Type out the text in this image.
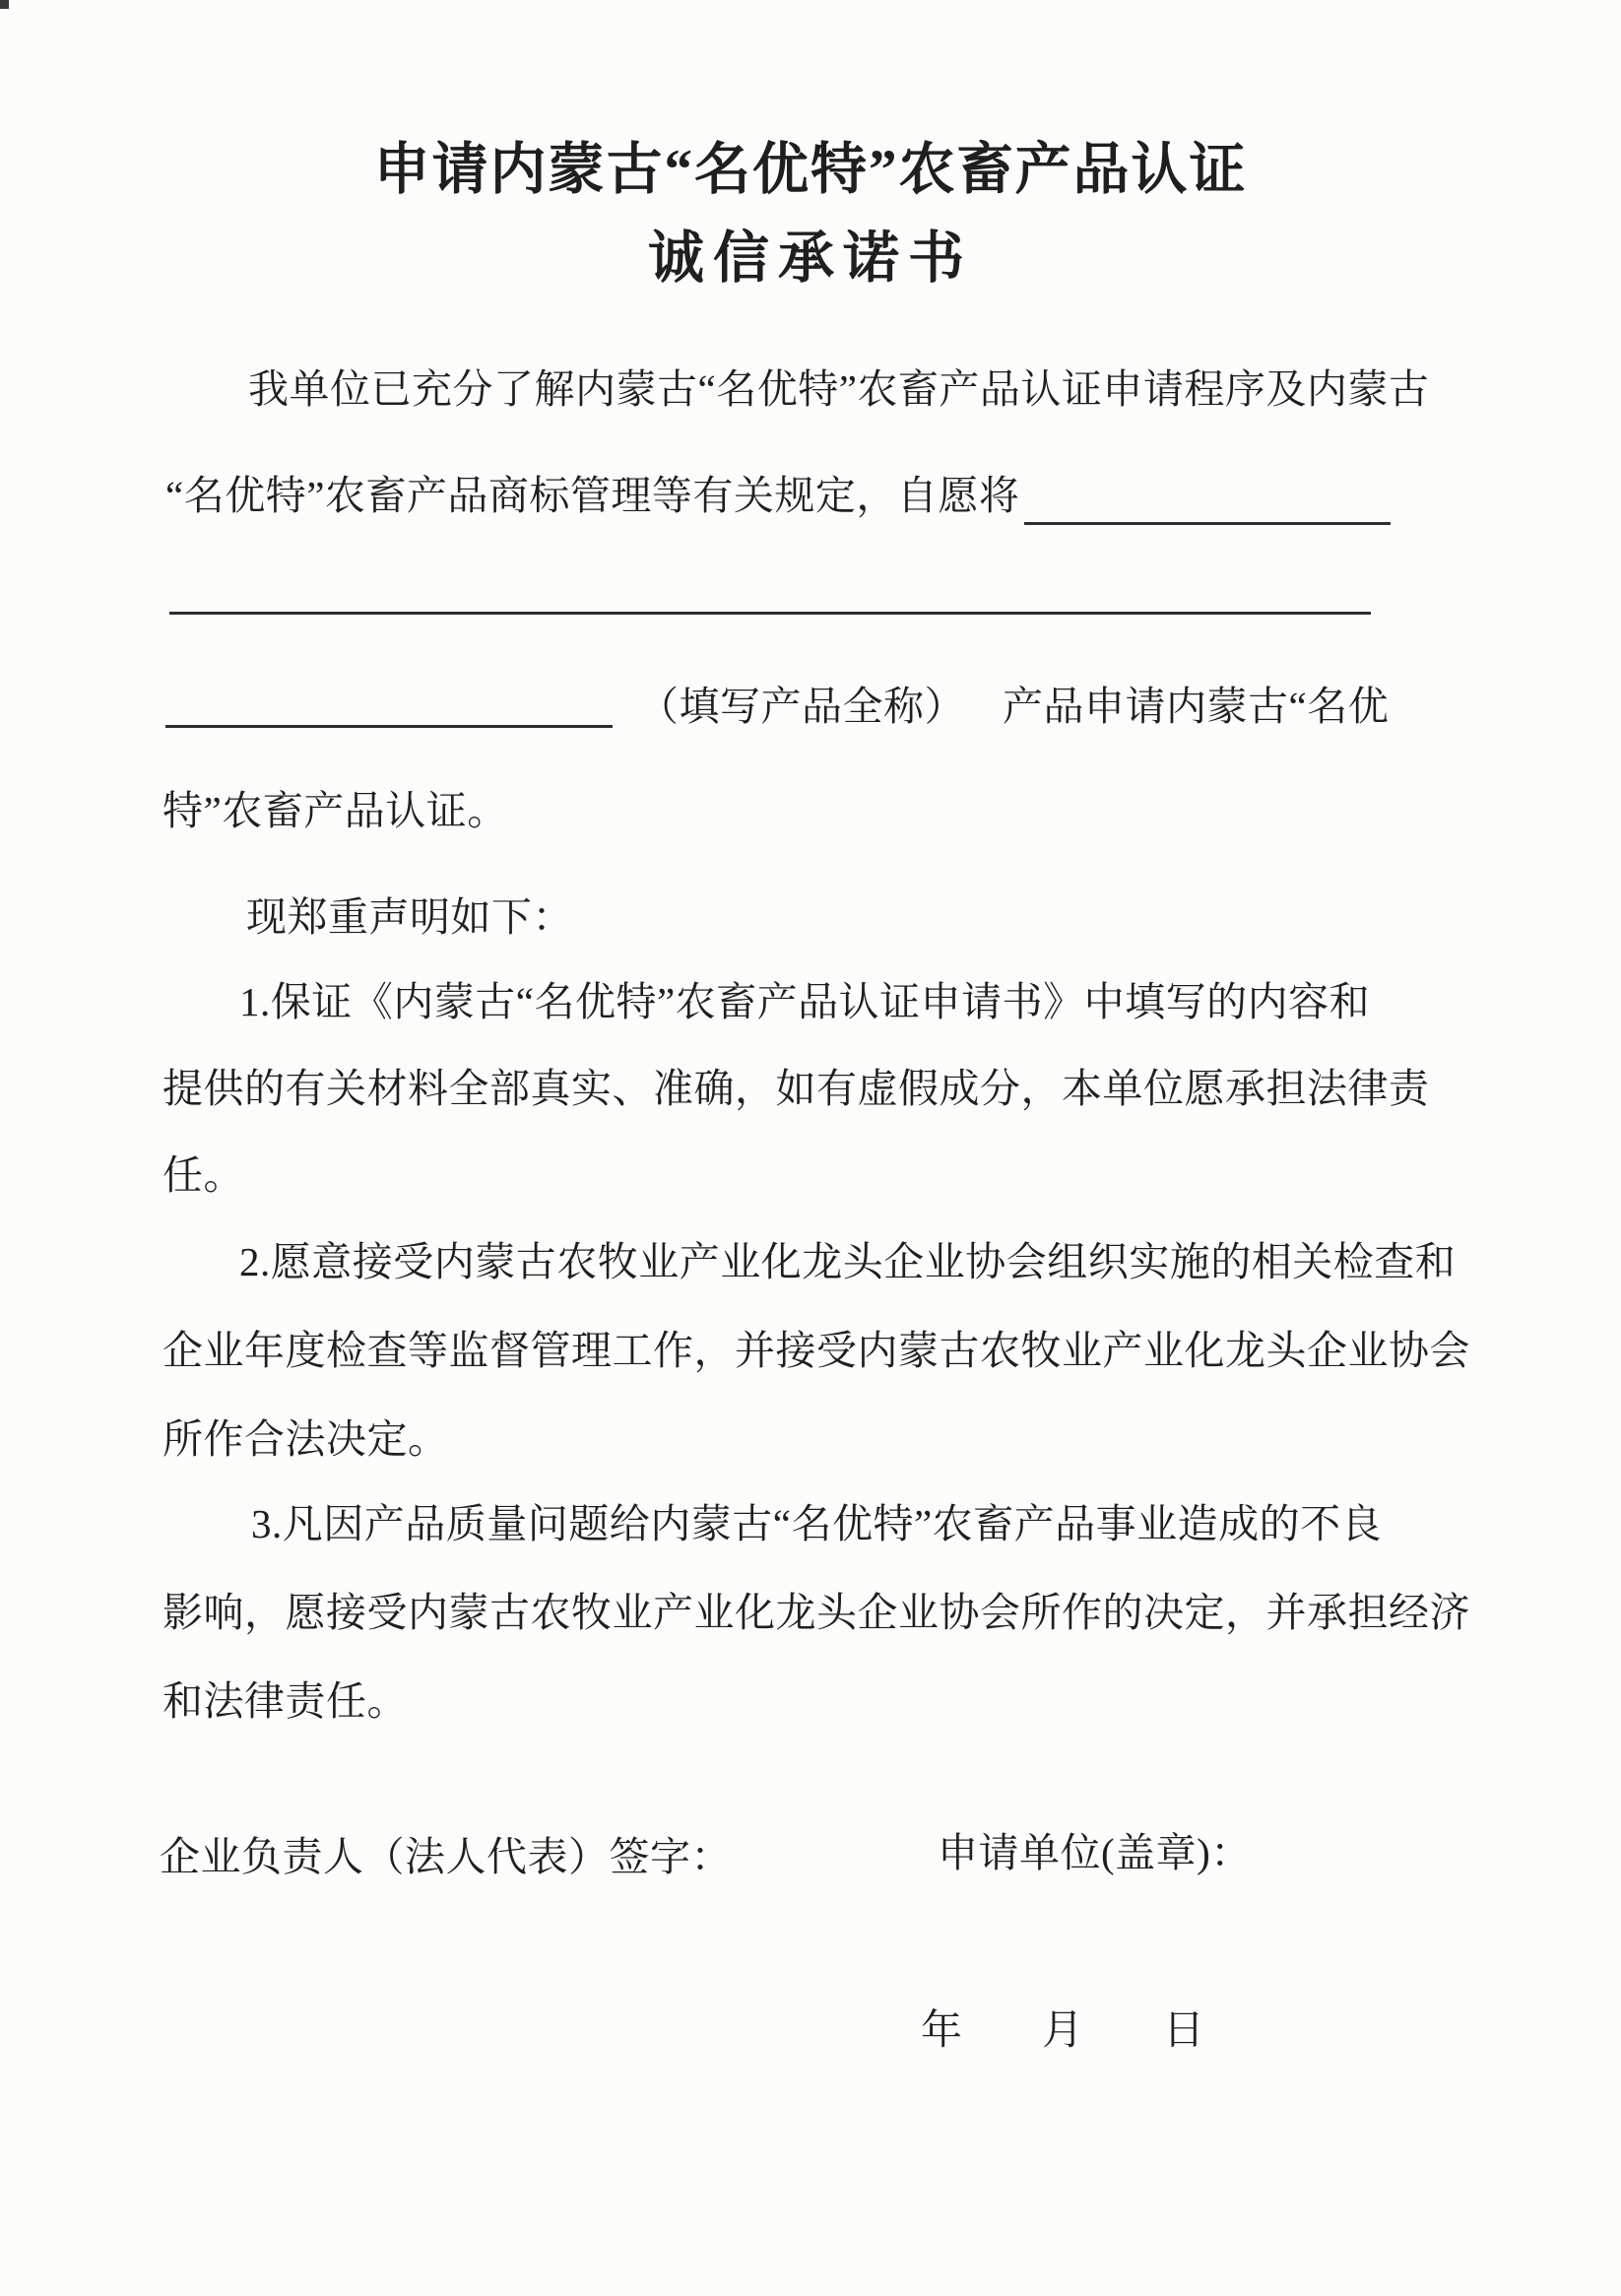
申请内蒙古“名优特”农畜产品认证
诚信承诺书
我单位已充分了解内蒙古“名优特”农畜产品认证申请程序及内蒙古
“名优特”农畜产品商标管理等有关规定，自愿将
（填写产品全称） 产品申请内蒙古“名优
特”农畜产品认证。
现郑重声明如下：
1.保证《内蒙古“名优特”农畜产品认证申请书》中填写的内容和
提供的有关材料全部真实、准确，如有虚假成分，本单位愿承担法律责
任。
2.愿意接受内蒙古农牧业产业化龙头企业协会组织实施的相关检查和
企业年度检查等监督管理工作，并接受内蒙古农牧业产业化龙头企业协会
所作合法决定。
3.凡因产品质量问题给内蒙古“名优特”农畜产品事业造成的不良
影响，愿接受内蒙古农牧业产业化龙头企业协会所作的决定，并承担经济
和法律责任。
企业负责人（法人代表）签字：	申请单位(盖章)：
年 月 日
